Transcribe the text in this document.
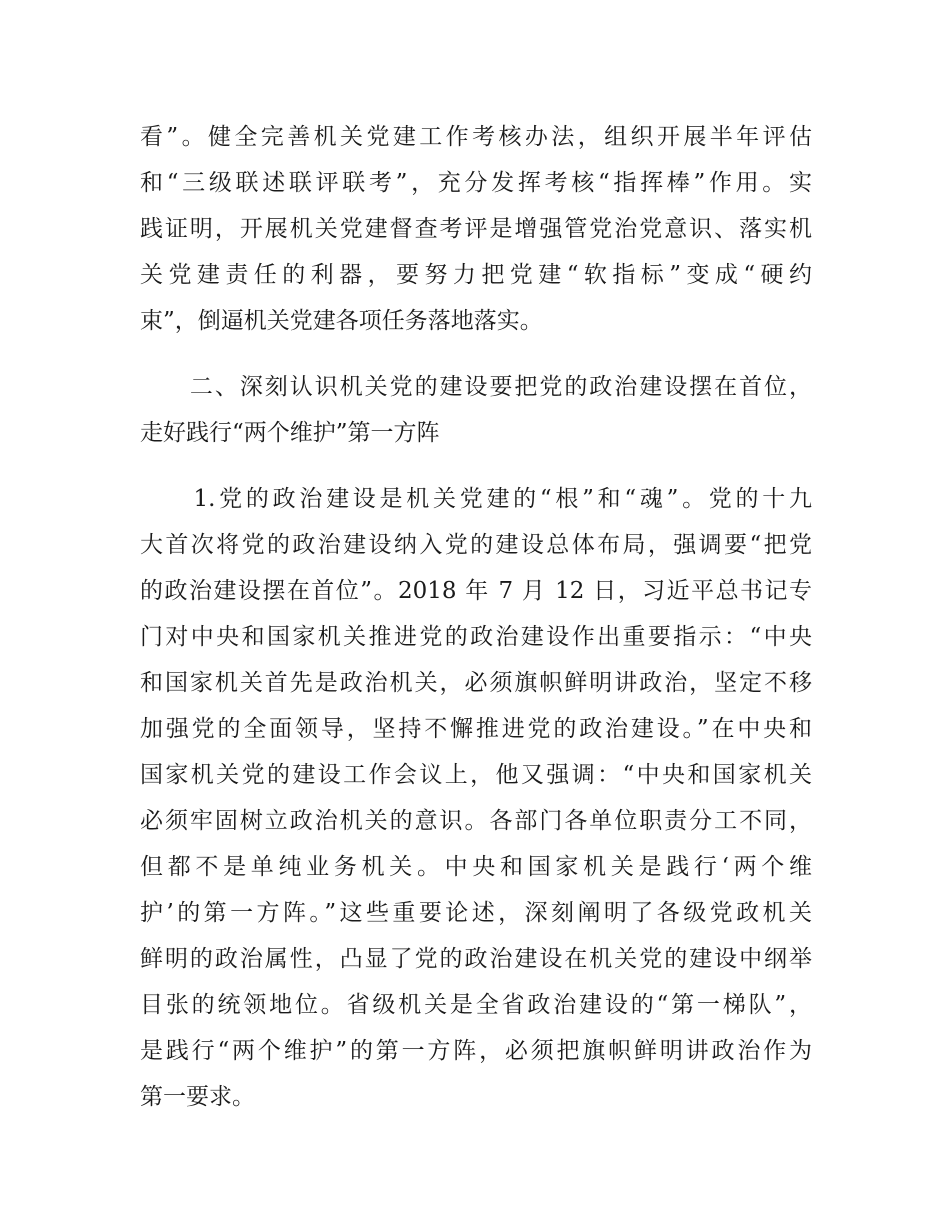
看”。健全完善机关党建工作考核办法，组织开展半年评估
和“三级联述联评联考”，充分发挥考核“指挥棒”作用。实
践证明，开展机关党建督查考评是增强管党治党意识、落实机
关党建责任的利器，要努力把党建“软指标”变成“硬约
束”，倒逼机关党建各项任务落地落实。
　　二、深刻认识机关党的建设要把党的政治建设摆在首位，
走好践行“两个维护”第一方阵
　　1.党的政治建设是机关党建的“根”和“魂”。党的十九
大首次将党的政治建设纳入党的建设总体布局，强调要“把党
的政治建设摆在首位”。2018 年 7 月 12 日，习近平总书记专
门对中央和国家机关推进党的政治建设作出重要指示：“中央
和国家机关首先是政治机关，必须旗帜鲜明讲政治，坚定不移
加强党的全面领导，坚持不懈推进党的政治建设。”在中央和
国家机关党的建设工作会议上，他又强调：“中央和国家机关
必须牢固树立政治机关的意识。各部门各单位职责分工不同，
但都不是单纯业务机关。中央和国家机关是践行‘两个维
护’的第一方阵。”这些重要论述，深刻阐明了各级党政机关
鲜明的政治属性，凸显了党的政治建设在机关党的建设中纲举
目张的统领地位。省级机关是全省政治建设的“第一梯队”，
是践行“两个维护”的第一方阵，必须把旗帜鲜明讲政治作为
第一要求。
